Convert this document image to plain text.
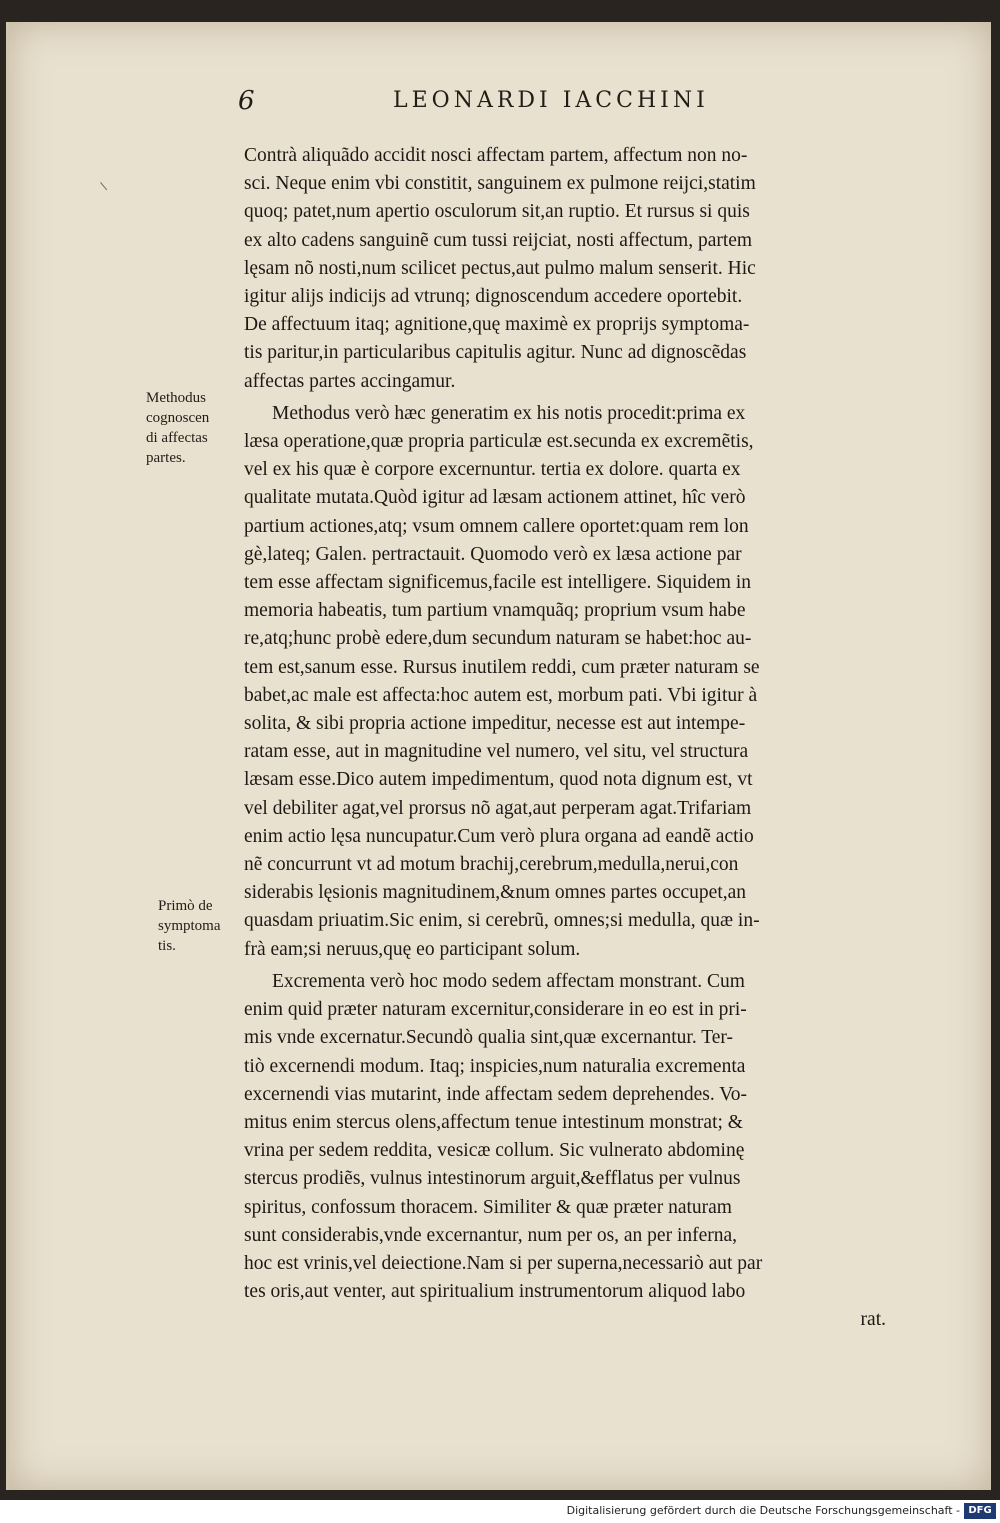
6	LEONARDI IACCHINI
Methodus
cognoscen
di affectas
partes.
Primò de
symptoma
tis.
Contrà aliquãdo accidit nosci affectam partem, affectum non no-
sci. Neque enim vbi constitit, sanguinem ex pulmone reijci,statim
quoq; patet,num apertio osculorum sit,an ruptio. Et rursus si quis
ex alto cadens sanguinẽ cum tussi reijciat, nosti affectum, partem
lęsam nõ nosti,num scilicet pectus,aut pulmo malum senserit. Hic
igitur alijs indicijs ad vtrunq; dignoscendum accedere oportebit.
De affectuum itaq; agnitione,quę maximè ex proprijs symptoma-
tis paritur,in particularibus capitulis agitur. Nunc ad dignoscẽdas
affectas partes accingamur.
Methodus verò hæc generatim ex his notis procedit:prima ex
læsa operatione,quæ propria particulæ est.secunda ex excremẽtis,
vel ex his quæ è corpore excernuntur. tertia ex dolore. quarta ex
qualitate mutata.Quòd igitur ad læsam actionem attinet, hîc verò
partium actiones,atq; vsum omnem callere oportet:quam rem lon
gè,lateq; Galen. pertractauit. Quomodo verò ex læsa actione par
tem esse affectam significemus,facile est intelligere. Siquidem in
memoria habeatis, tum partium vnamquãq; proprium vsum habe
re,atq;hunc probè edere,dum secundum naturam se habet:hoc au-
tem est,sanum esse. Rursus inutilem reddi, cum præter naturam se
babet,ac male est affecta:hoc autem est, morbum pati. Vbi igitur à
solita, & sibi propria actione impeditur, necesse est aut intempe-
ratam esse, aut in magnitudine vel numero, vel situ, vel structura
læsam esse.Dico autem impedimentum, quod nota dignum est, vt
vel debiliter agat,vel prorsus nõ agat,aut perperam agat.Trifariam
enim actio lęsa nuncupatur.Cum verò plura organa ad eandẽ actio
nẽ concurrunt vt ad motum brachij,cerebrum,medulla,nerui,con
siderabis lęsionis magnitudinem,&num omnes partes occupet,an
quasdam priuatim.Sic enim, si cerebrũ, omnes;si medulla, quæ in-
frà eam;si neruus,quę eo participant solum.
Excrementa verò hoc modo sedem affectam monstrant. Cum
enim quid præter naturam excernitur,considerare in eo est in pri-
mis vnde excernatur.Secundò qualia sint,quæ excernantur. Ter-
tiò excernendi modum. Itaq; inspicies,num naturalia excrementa
excernendi vias mutarint, inde affectam sedem deprehendes. Vo-
mitus enim stercus olens,affectum tenue intestinum monstrat; &
vrina per sedem reddita, vesicæ collum. Sic vulnerato abdominę
stercus prodiẽs, vulnus intestinorum arguit,&efflatus per vulnus
spiritus, confossum thoracem. Similiter & quæ præter naturam
sunt considerabis,vnde excernantur, num per os, an per inferna,
hoc est vrinis,vel deiectione.Nam si per superna,necessariò aut par
tes oris,aut venter, aut spiritualium instrumentorum aliquod labo
rat.
Digitalisierung gefördert durch die Deutsche Forschungsgemeinschaft - DFG
